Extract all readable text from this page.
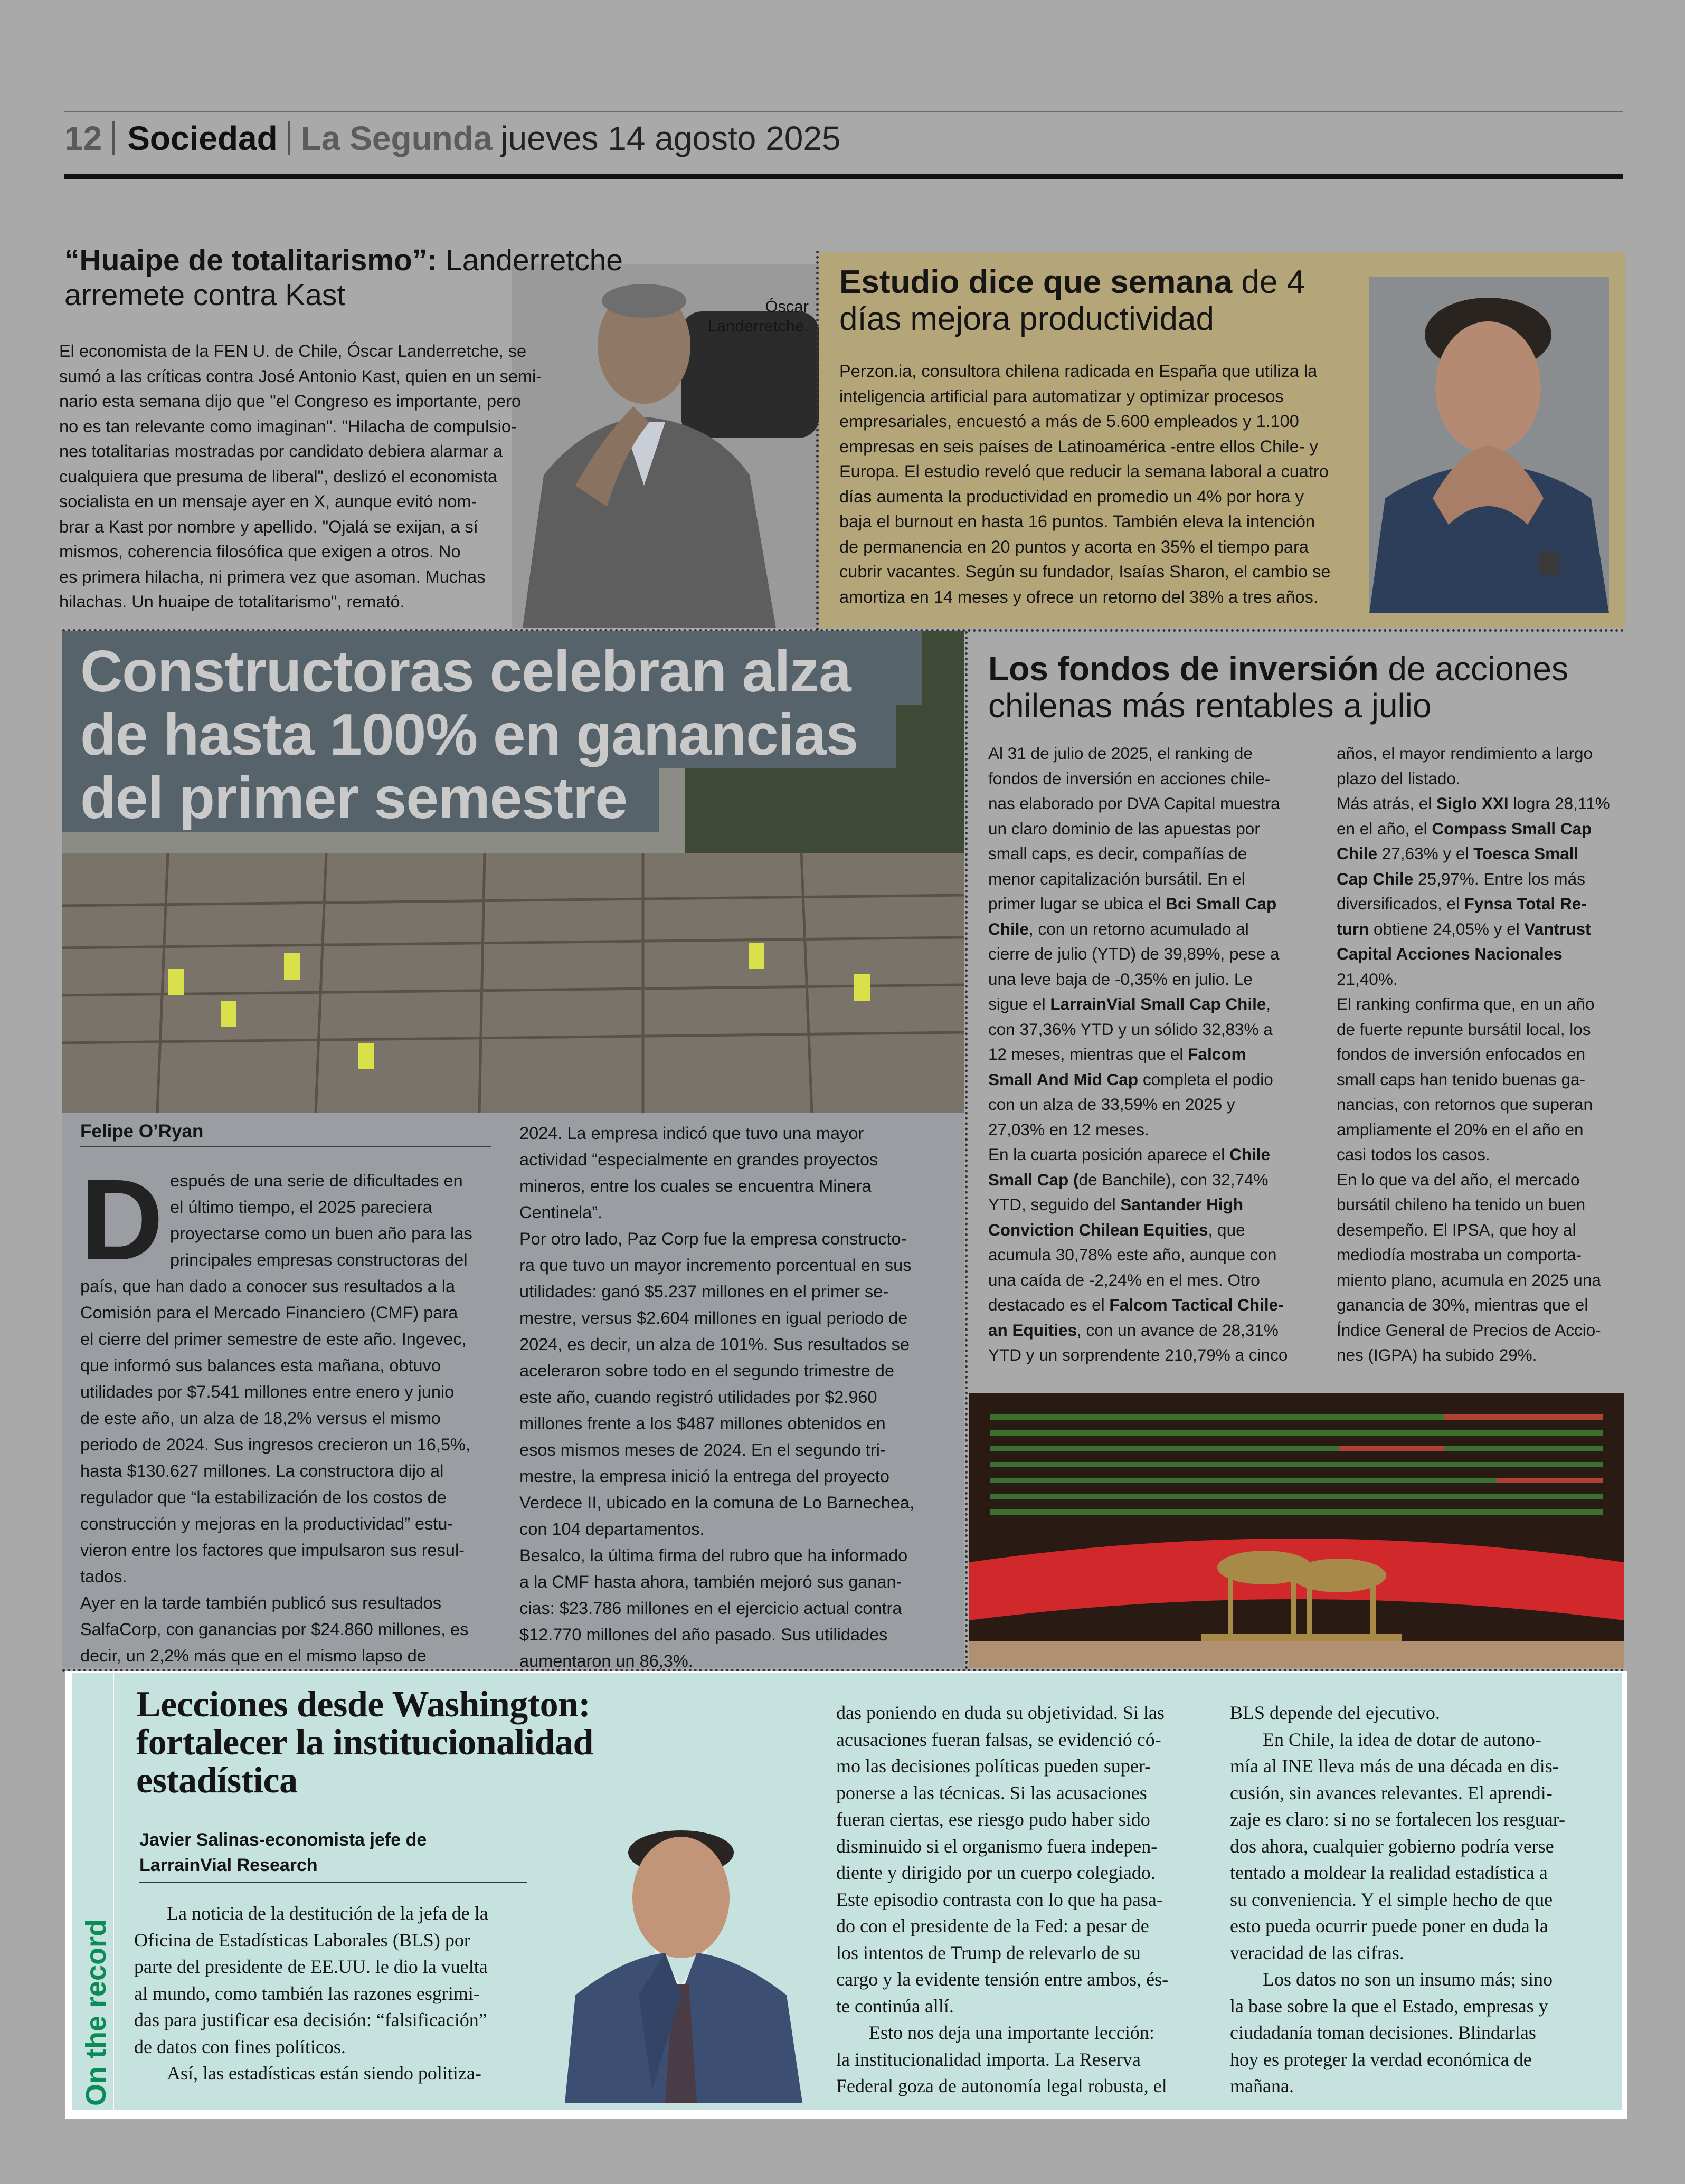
12 Sociedad La Segunda jueves 14 agosto 2025
“Huaipe de totalitarismo”: Landerretche arremete contra Kast	Óscar Landerretche.
El economista de la FEN U. de Chile, Óscar Landerretche, se
sumó a las críticas contra José Antonio Kast, quien en un semi-
nario esta semana dijo que "el Congreso es importante, pero
no es tan relevante como imaginan". "Hilacha de compulsio-
nes totalitarias mostradas por candidato debiera alarmar a
cualquiera que presuma de liberal", deslizó el economista
socialista en un mensaje ayer en X, aunque evitó nom-
brar a Kast por nombre y apellido. "Ojalá se exijan, a sí
mismos, coherencia filosófica que exigen a otros. No
es primera hilacha, ni primera vez que asoman. Muchas
hilachas. Un huaipe de totalitarismo", remató.
Estudio dice que semana de 4 días mejora productividad
Perzon.ia, consultora chilena radicada en España que utiliza la
inteligencia artificial para automatizar y optimizar procesos
empresariales, encuestó a más de 5.600 empleados y 1.100
empresas en seis países de Latinoamérica -entre ellos Chile- y
Europa. El estudio reveló que reducir la semana laboral a cuatro
días aumenta la productividad en promedio un 4% por hora y
baja el burnout en hasta 16 puntos. También eleva la intención
de permanencia en 20 puntos y acorta en 35% el tiempo para
cubrir vacantes. Según su fundador, Isaías Sharon, el cambio se
amortiza en 14 meses y ofrece un retorno del 38% a tres años.
Constructoras celebran alza
de hasta 100% en ganancias
del primer semestre
Felipe O’Ryan
D espués de una serie de dificultades en
el último tiempo, el 2025 pareciera
proyectarse como un buen año para las
principales empresas constructoras del
país, que han dado a conocer sus resultados a la
Comisión para el Mercado Financiero (CMF) para
el cierre del primer semestre de este año. Ingevec,
que informó sus balances esta mañana, obtuvo
utilidades por $7.541 millones entre enero y junio
de este año, un alza de 18,2% versus el mismo
periodo de 2024. Sus ingresos crecieron un 16,5%,
hasta $130.627 millones. La constructora dijo al
regulador que “la estabilización de los costos de
construcción y mejoras en la productividad” estu-
vieron entre los factores que impulsaron sus resul-
tados.
Ayer en la tarde también publicó sus resultados
SalfaCorp, con ganancias por $24.860 millones, es
decir, un 2,2% más que en el mismo lapso de
2024. La empresa indicó que tuvo una mayor
actividad “especialmente en grandes proyectos
mineros, entre los cuales se encuentra Minera
Centinela”.
Por otro lado, Paz Corp fue la empresa constructo-
ra que tuvo un mayor incremento porcentual en sus
utilidades: ganó $5.237 millones en el primer se-
mestre, versus $2.604 millones en igual periodo de
2024, es decir, un alza de 101%. Sus resultados se
aceleraron sobre todo en el segundo trimestre de
este año, cuando registró utilidades por $2.960
millones frente a los $487 millones obtenidos en
esos mismos meses de 2024. En el segundo tri-
mestre, la empresa inició la entrega del proyecto
Verdece II, ubicado en la comuna de Lo Barnechea,
con 104 departamentos.
Besalco, la última firma del rubro que ha informado
a la CMF hasta ahora, también mejoró sus ganan-
cias: $23.786 millones en el ejercicio actual contra
$12.770 millones del año pasado. Sus utilidades
aumentaron un 86,3%.
Los fondos de inversión de acciones chilenas más rentables a julio
Al 31 de julio de 2025, el ranking de
fondos de inversión en acciones chile-
nas elaborado por DVA Capital muestra
un claro dominio de las apuestas por
small caps, es decir, compañías de
menor capitalización bursátil. En el
primer lugar se ubica el Bci Small Cap
Chile, con un retorno acumulado al
cierre de julio (YTD) de 39,89%, pese a
una leve baja de -0,35% en julio. Le
sigue el LarrainVial Small Cap Chile,
con 37,36% YTD y un sólido 32,83% a
12 meses, mientras que el Falcom
Small And Mid Cap completa el podio
con un alza de 33,59% en 2025 y
27,03% en 12 meses.
En la cuarta posición aparece el Chile
Small Cap (de Banchile), con 32,74%
YTD, seguido del Santander High
Conviction Chilean Equities, que
acumula 30,78% este año, aunque con
una caída de -2,24% en el mes. Otro
destacado es el Falcom Tactical Chile-
an Equities, con un avance de 28,31%
YTD y un sorprendente 210,79% a cinco
años, el mayor rendimiento a largo
plazo del listado.
Más atrás, el Siglo XXI logra 28,11%
en el año, el Compass Small Cap
Chile 27,63% y el Toesca Small
Cap Chile 25,97%. Entre los más
diversificados, el Fynsa Total Re-
turn obtiene 24,05% y el Vantrust
Capital Acciones Nacionales
21,40%.
El ranking confirma que, en un año
de fuerte repunte bursátil local, los
fondos de inversión enfocados en
small caps han tenido buenas ga-
nancias, con retornos que superan
ampliamente el 20% en el año en
casi todos los casos.
En lo que va del año, el mercado
bursátil chileno ha tenido un buen
desempeño. El IPSA, que hoy al
mediodía mostraba un comporta-
miento plano, acumula en 2025 una
ganancia de 30%, mientras que el
Índice General de Precios de Accio-
nes (IGPA) ha subido 29%.
On the record
Lecciones desde Washington:
fortalecer la institucionalidad
estadística
Javier Salinas-economista jefe de
LarrainVial Research
La noticia de la destitución de la jefa de la
Oficina de Estadísticas Laborales (BLS) por
parte del presidente de EE.UU. le dio la vuelta
al mundo, como también las razones esgrimi-
das para justificar esa decisión: “falsificación”
de datos con fines políticos.
Así, las estadísticas están siendo politiza-
das poniendo en duda su objetividad. Si las
acusaciones fueran falsas, se evidenció có-
mo las decisiones políticas pueden super-
ponerse a las técnicas. Si las acusaciones
fueran ciertas, ese riesgo pudo haber sido
disminuido si el organismo fuera indepen-
diente y dirigido por un cuerpo colegiado.
Este episodio contrasta con lo que ha pasa-
do con el presidente de la Fed: a pesar de
los intentos de Trump de relevarlo de su
cargo y la evidente tensión entre ambos, és-
te continúa allí.
Esto nos deja una importante lección:
la institucionalidad importa. La Reserva
Federal goza de autonomía legal robusta, el
BLS depende del ejecutivo.
En Chile, la idea de dotar de autono-
mía al INE lleva más de una década en dis-
cusión, sin avances relevantes. El aprendi-
zaje es claro: si no se fortalecen los resguar-
dos ahora, cualquier gobierno podría verse
tentado a moldear la realidad estadística a
su conveniencia. Y el simple hecho de que
esto pueda ocurrir puede poner en duda la
veracidad de las cifras.
Los datos no son un insumo más; sino
la base sobre la que el Estado, empresas y
ciudadanía toman decisiones. Blindarlas
hoy es proteger la verdad económica de
mañana.
